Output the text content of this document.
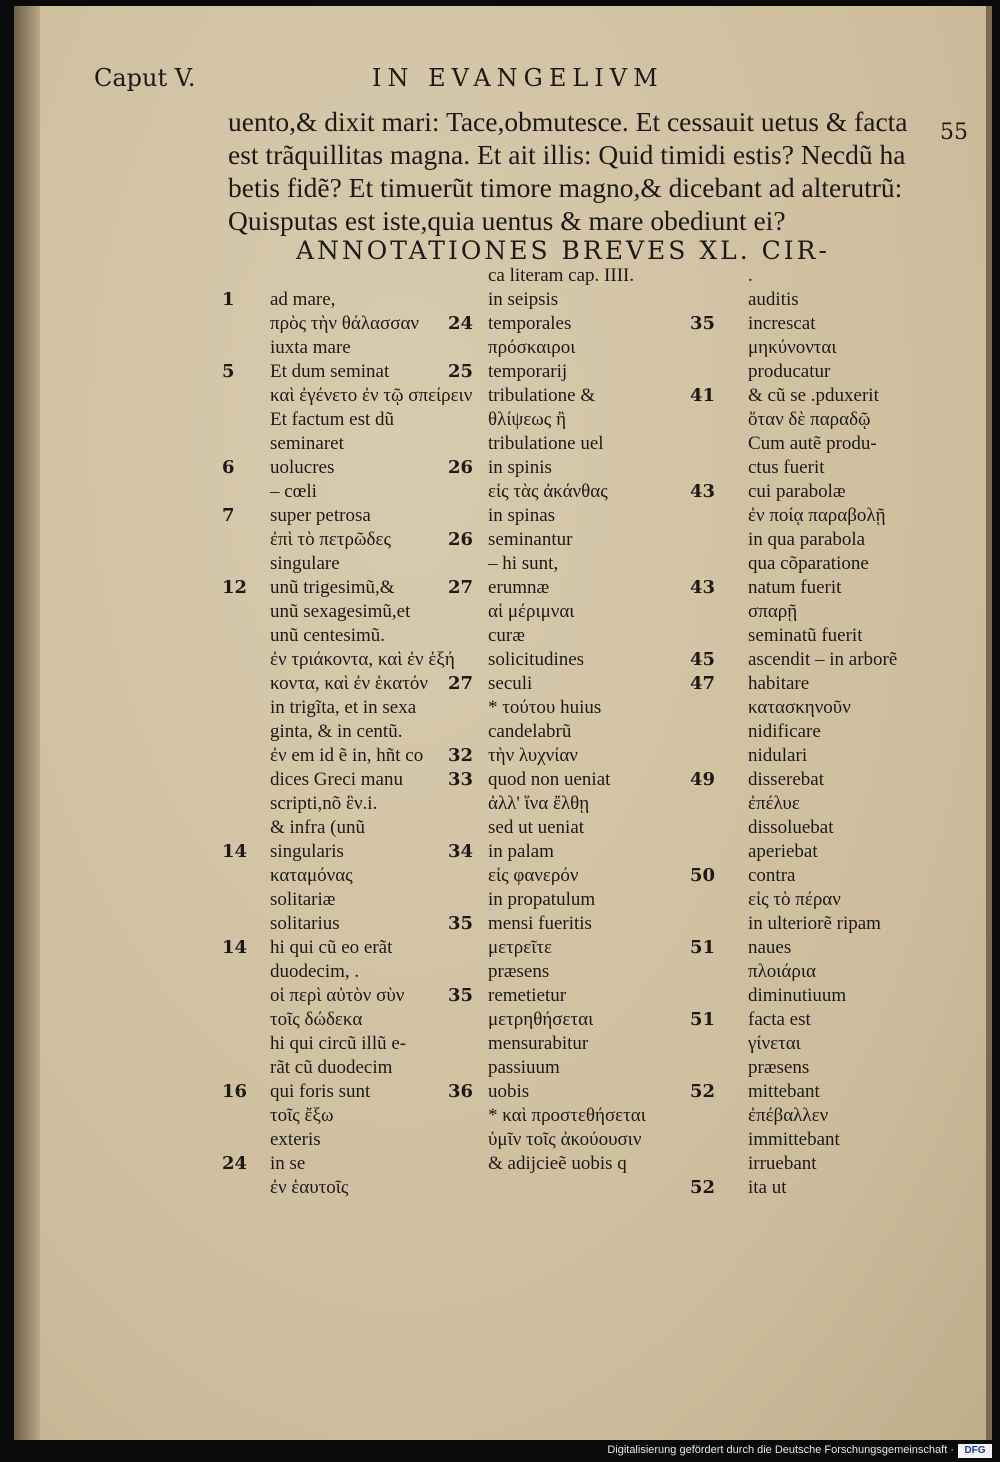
Caput V.	IN EVANGELIVM
55
uento,& dixit mari: Tace,obmutesce. Et cessauit uetus & facta
est trãquillitas magna. Et ait illis: Quid timidi estis? Necdũ ha
betis fidẽ? Et timuerũt timore magno,& dicebant ad alterutrũ:
Quisputas est iste,quia uentus & mare obediunt ei?
ANNOTATIONES BREVES XL. CIR-
1 ad mare,
πρὸς τὴν θάλασσαν
iuxta mare
5 Et dum seminat
καὶ ἐγένετο ἐν τῷ σπείρειν
Et factum est dũ
seminaret
6 uolucres
– cœli
7 super petrosa
ἐπὶ τὸ πετρῶδες
singulare
12 unũ trigesimũ,&
unũ sexagesimũ,et
unũ centesimũ.
ἐν τριάκοντα, καὶ ἐν ἑξή
κοντα, καὶ ἐν ἑκατόν
in trigĩta, et in sexa
ginta, & in centũ.
ἐν em id ẽ in, hñt co
dices Greci manu
scripti,nõ ἓν.i.
& infra (unũ
14 singularis
καταμόνας
solitariæ
solitarius
14 hi qui cũ eo erãt
duodecim, .
οἱ περὶ αὐτὸν σὺν
τοῖς δώδεκα
hi qui circũ illũ e-
rãt cũ duodecim
16 qui foris sunt
τοῖς ἔξω
exteris
24 in se
ἐν ἑαυτοῖς
ca literam cap. IIII.
in seipsis
temporales
24
πρόσκαιροι
temporarij
25
tribulatione &
θλίψεως ἢ
tribulatione uel
in spinis
26
εἰς τὰς ἀκάνθας
in spinas
seminantur
26
– hi sunt,
erumnæ
27
αἱ μέριμναι
curæ
solicitudines
seculi
27
* τούτου huius
candelabrũ
τὴν λυχνίαν
32
quod non ueniat
33
ἀλλ' ἵνα ἔλθῃ
sed ut ueniat
in palam
34
εἰς φανερόν
in propatulum
mensi fueritis
35
μετρεῖτε
præsens
remetietur
35
μετρηθήσεται
mensurabitur
passiuum
uobis
36
* καὶ προστεθήσεται
ὑμῖν τοῖς ἀκούουσιν
& adijcieẽ uobis q
.
auditis
35 increscat
μηκύνονται
producatur
41 & cũ se .pduxerit
ὅταν δὲ παραδῷ
Cum autẽ produ-
ctus fuerit
43 cui parabolæ
ἐν ποίᾳ παραβολῇ
in qua parabola
qua cõparatione
43 natum fuerit
σπαρῇ
seminatũ fuerit
45 ascendit – in arborẽ
47 habitare
κατασκηνοῦν
nidificare
nidulari
49 disserebat
ἐπέλυε
dissoluebat
aperiebat
50 contra
εἰς τὸ πέραν
in ulteriorẽ ripam
51 naues
πλοιάρια
diminutiuum
51 facta est
γίνεται
præsens
52 mittebant
ἐπέβαλλεν
immittebant
irruebant
52 ita ut
Digitalisierung gefördert durch die Deutsche Forschungsgemeinschaft ·	DFG
